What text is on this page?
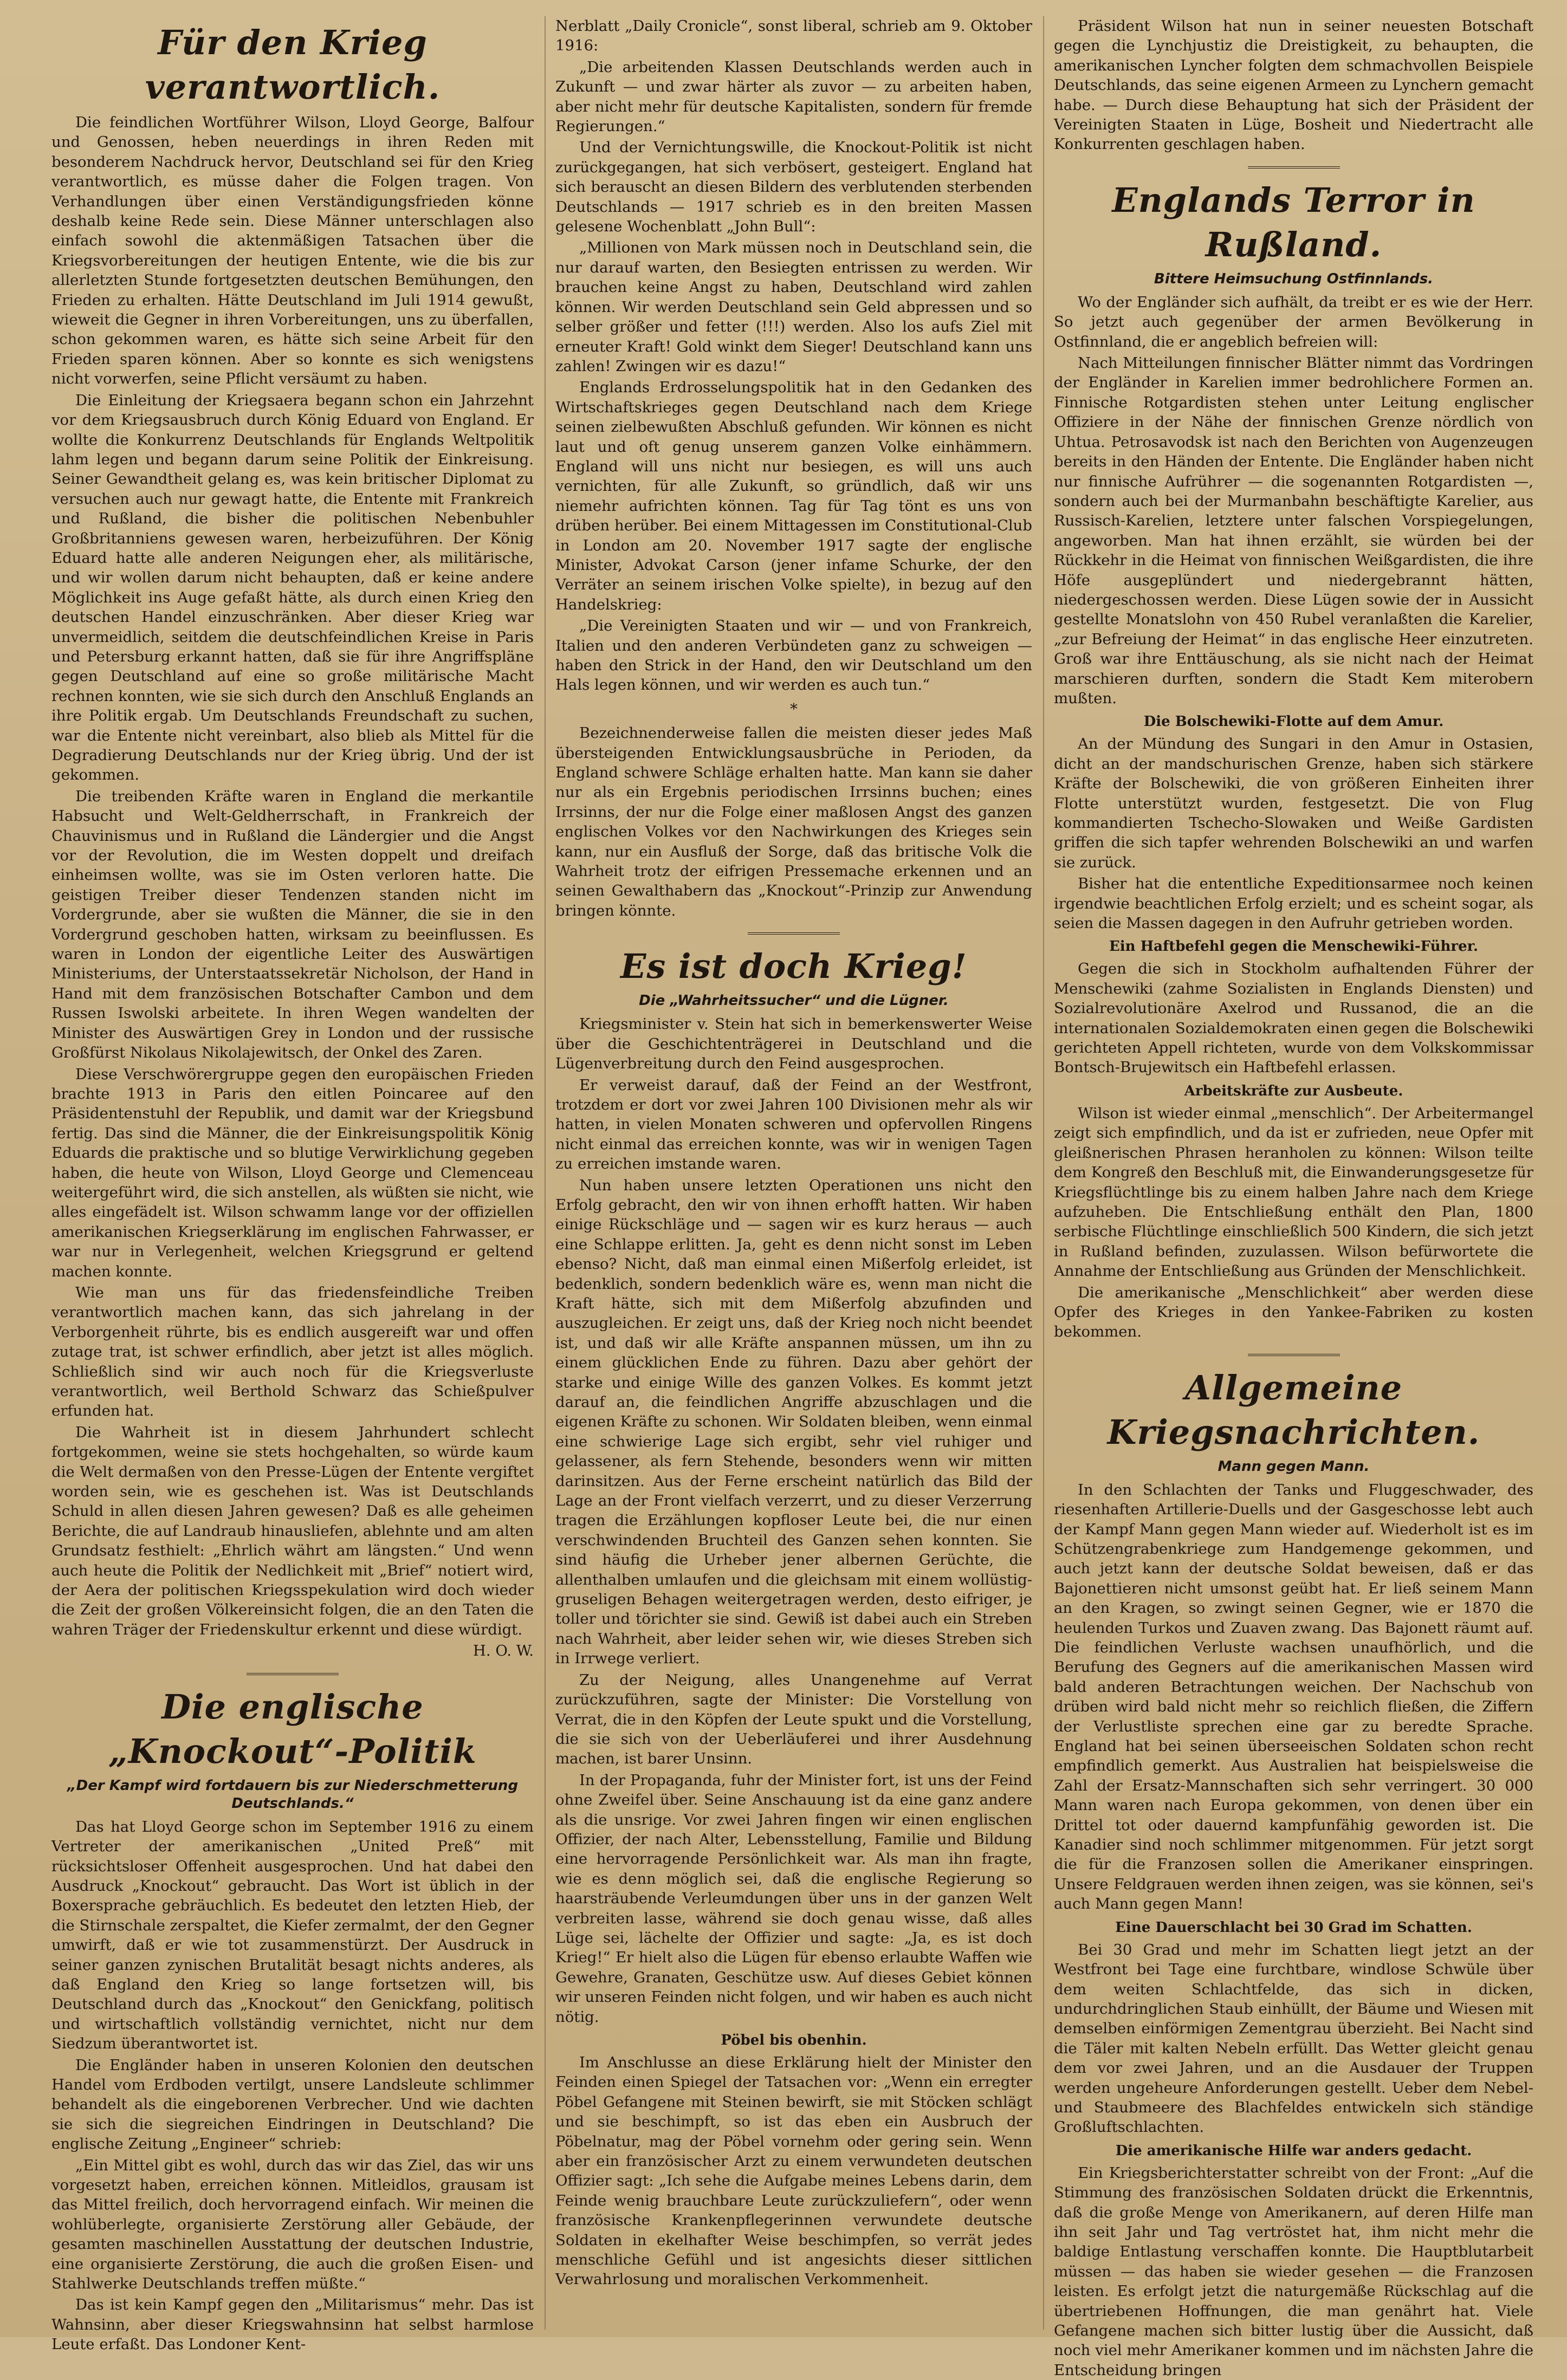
Für den Krieg verantwortlich.

Die feindlichen Wortführer Wilson, Lloyd George, Balfour und Genossen, heben neuerdings in ihren Reden mit besonderem Nachdruck hervor, Deutschland sei für den Krieg verantwortlich, es müsse daher die Folgen tragen. Von Verhandlungen über einen Verständigungsfrieden könne deshalb keine Rede sein. Diese Männer unterschlagen also einfach sowohl die aktenmäßigen Tatsachen über die Kriegsvorbereitungen der heutigen Entente, wie die bis zur allerletzten Stunde fortgesetzten deutschen Bemühungen, den Frieden zu erhalten. Hätte Deutschland im Juli 1914 gewußt, wieweit die Gegner in ihren Vorbereitungen, uns zu überfallen, schon gekommen waren, es hätte sich seine Arbeit für den Frieden sparen können. Aber so konnte es sich wenigstens nicht vorwerfen, seine Pflicht versäumt zu haben.

Die Einleitung der Kriegsaera begann schon ein Jahrzehnt vor dem Kriegsausbruch durch König Eduard von England. Er wollte die Konkurrenz Deutschlands für Englands Weltpolitik lahm legen und begann darum seine Politik der Einkreisung. Seiner Gewandtheit gelang es, was kein britischer Diplomat zu versuchen auch nur gewagt hatte, die Entente mit Frankreich und Rußland, die bisher die politischen Nebenbuhler Großbritanniens gewesen waren, herbeizuführen. Der König Eduard hatte alle anderen Neigungen eher, als militärische, und wir wollen darum nicht behaupten, daß er keine andere Möglichkeit ins Auge gefaßt hätte, als durch einen Krieg den deutschen Handel einzuschränken. Aber dieser Krieg war unvermeidlich, seitdem die deutschfeindlichen Kreise in Paris und Petersburg erkannt hatten, daß sie für ihre Angriffspläne gegen Deutschland auf eine so große militärische Macht rechnen konnten, wie sie sich durch den Anschluß Englands an ihre Politik ergab. Um Deutschlands Freundschaft zu suchen, war die Entente nicht vereinbart, also blieb als Mittel für die Degradierung Deutschlands nur der Krieg übrig. Und der ist gekommen.

Die treibenden Kräfte waren in England die merkantile Habsucht und Welt-Geldherrschaft, in Frankreich der Chauvinismus und in Rußland die Ländergier und die Angst vor der Revolution, die im Westen doppelt und dreifach einheimsen wollte, was sie im Osten verloren hatte. Die geistigen Treiber dieser Tendenzen standen nicht im Vordergrunde, aber sie wußten die Männer, die sie in den Vordergrund geschoben hatten, wirksam zu beeinflussen. Es waren in London der eigentliche Leiter des Auswärtigen Ministeriums, der Unterstaatssekretär Nicholson, der Hand in Hand mit dem französischen Botschafter Cambon und dem Russen Iswolski arbeitete. In ihren Wegen wandelten der Minister des Auswärtigen Grey in London und der russische Großfürst Nikolaus Nikolajewitsch, der Onkel des Zaren.

Diese Verschwörergruppe gegen den europäischen Frieden brachte 1913 in Paris den eitlen Poincaree auf den Präsidentenstuhl der Republik, und damit war der Kriegsbund fertig. Das sind die Männer, die der Einkreisungspolitik König Eduards die praktische und so blutige Verwirklichung gegeben haben, die heute von Wilson, Lloyd George und Clemenceau weitergeführt wird, die sich anstellen, als wüßten sie nicht, wie alles eingefädelt ist. Wilson schwamm lange vor der offiziellen amerikanischen Kriegserklärung im englischen Fahrwasser, er war nur in Verlegenheit, welchen Kriegsgrund er geltend machen konnte.

Wie man uns für das friedensfeindliche Treiben verantwortlich machen kann, das sich jahrelang in der Verborgenheit rührte, bis es endlich ausgereift war und offen zutage trat, ist schwer erfindlich, aber jetzt ist alles möglich. Schließlich sind wir auch noch für die Kriegsverluste verantwortlich, weil Berthold Schwarz das Schießpulver erfunden hat.

Die Wahrheit ist in diesem Jahrhundert schlecht fortgekommen, weine sie stets hochgehalten, so würde kaum die Welt dermaßen von den Presse-Lügen der Entente vergiftet worden sein, wie es geschehen ist. Was ist Deutschlands Schuld in allen diesen Jahren gewesen? Daß es alle geheimen Berichte, die auf Landraub hinausliefen, ablehnte und am alten Grundsatz festhielt: „Ehrlich währt am längsten.“ Und wenn auch heute die Politik der Nedlichkeit mit „Brief“ notiert wird, der Aera der politischen Kriegsspekulation wird doch wieder die Zeit der großen Völkereinsicht folgen, die an den Taten die wahren Träger der Friedenskultur erkennt und diese würdigt.

H. O. W.

Die englische „Knockout“-Politik
„Der Kampf wird fortdauern bis zur Niederschmetterung Deutschlands.“

Das hat Lloyd George schon im September 1916 zu einem Vertreter der amerikanischen „United Preß“ mit rücksichtsloser Offenheit ausgesprochen. Und hat dabei den Ausdruck „Knockout“ gebraucht. Das Wort ist üblich in der Boxersprache gebräuchlich. Es bedeutet den letzten Hieb, der die Stirnschale zerspaltet, die Kiefer zermalmt, der den Gegner umwirft, daß er wie tot zusammenstürzt. Der Ausdruck in seiner ganzen zynischen Brutalität besagt nichts anderes, als daß England den Krieg so lange fortsetzen will, bis Deutschland durch das „Knockout“ den Genickfang, politisch und wirtschaftlich vollständig vernichtet, nicht nur dem Siedzum überantwortet ist.

Die Engländer haben in unseren Kolonien den deutschen Handel vom Erdboden vertilgt, unsere Landsleute schlimmer behandelt als die eingeborenen Verbrecher. Und wie dachten sie sich die siegreichen Eindringen in Deutschland? Die englische Zeitung „Engineer“ schrieb:

„Ein Mittel gibt es wohl, durch das wir das Ziel, das wir uns vorgesetzt haben, erreichen können. Mitleidlos, grausam ist das Mittel freilich, doch hervorragend einfach. Wir meinen die wohlüberlegte, organisierte Zerstörung aller Gebäude, der gesamten maschinellen Ausstattung der deutschen Industrie, eine organisierte Zerstörung, die auch die großen Eisen- und Stahlwerke Deutschlands treffen müßte.“

Das ist kein Kampf gegen den „Militarismus“ mehr. Das ist Wahnsinn, aber dieser Kriegswahnsinn hat selbst harmlose Leute erfaßt. Das Londoner Kent-

Nerblatt „Daily Cronicle“, sonst liberal, schrieb am 9. Oktober 1916:

„Die arbeitenden Klassen Deutschlands werden auch in Zukunft — und zwar härter als zuvor — zu arbeiten haben, aber nicht mehr für deutsche Kapitalisten, sondern für fremde Regierungen.“

Und der Vernichtungswille, die Knockout-Politik ist nicht zurückgegangen, hat sich verbösert, gesteigert. England hat sich berauscht an diesen Bildern des verblutenden sterbenden Deutschlands — 1917 schrieb es in den breiten Massen gelesene Wochenblatt „John Bull“:

„Millionen von Mark müssen noch in Deutschland sein, die nur darauf warten, den Besiegten entrissen zu werden. Wir brauchen keine Angst zu haben, Deutschland wird zahlen können. Wir werden Deutschland sein Geld abpressen und so selber größer und fetter (!!!) werden. Also los aufs Ziel mit erneuter Kraft! Gold winkt dem Sieger! Deutschland kann uns zahlen! Zwingen wir es dazu!“

Englands Erdrosselungspolitik hat in den Gedanken des Wirtschaftskrieges gegen Deutschland nach dem Kriege seinen zielbewußten Abschluß gefunden. Wir können es nicht laut und oft genug unserem ganzen Volke einhämmern. England will uns nicht nur besiegen, es will uns auch vernichten, für alle Zukunft, so gründlich, daß wir uns niemehr aufrichten können. Tag für Tag tönt es uns von drüben herüber. Bei einem Mittagessen im Constitutional-Club in London am 20. November 1917 sagte der englische Minister, Advokat Carson (jener infame Schurke, der den Verräter an seinem irischen Volke spielte), in bezug auf den Handelskrieg:

„Die Vereinigten Staaten und wir — und von Frankreich, Italien und den anderen Verbündeten ganz zu schweigen — haben den Strick in der Hand, den wir Deutschland um den Hals legen können, und wir werden es auch tun.“

*

Bezeichnenderweise fallen die meisten dieser jedes Maß übersteigenden Entwicklungsausbrüche in Perioden, da England schwere Schläge erhalten hatte. Man kann sie daher nur als ein Ergebnis periodischen Irrsinns buchen; eines Irrsinns, der nur die Folge einer maßlosen Angst des ganzen englischen Volkes vor den Nachwirkungen des Krieges sein kann, nur ein Ausfluß der Sorge, daß das britische Volk die Wahrheit trotz der eifrigen Pressemache erkennen und an seinen Gewalthabern das „Knockout“-Prinzip zur Anwendung bringen könnte.

Es ist doch Krieg!
Die „Wahrheitssucher“ und die Lügner.

Kriegsminister v. Stein hat sich in bemerkenswerter Weise über die Geschichtenträgerei in Deutschland und die Lügenverbreitung durch den Feind ausgesprochen.

Er verweist darauf, daß der Feind an der Westfront, trotzdem er dort vor zwei Jahren 100 Divisionen mehr als wir hatten, in vielen Monaten schweren und opfervollen Ringens nicht einmal das erreichen konnte, was wir in wenigen Tagen zu erreichen imstande waren.

Nun haben unsere letzten Operationen uns nicht den Erfolg gebracht, den wir von ihnen erhofft hatten. Wir haben einige Rückschläge und — sagen wir es kurz heraus — auch eine Schlappe erlitten. Ja, geht es denn nicht sonst im Leben ebenso? Nicht, daß man einmal einen Mißerfolg erleidet, ist bedenklich, sondern bedenklich wäre es, wenn man nicht die Kraft hätte, sich mit dem Mißerfolg abzufinden und auszugleichen. Er zeigt uns, daß der Krieg noch nicht beendet ist, und daß wir alle Kräfte anspannen müssen, um ihn zu einem glücklichen Ende zu führen. Dazu aber gehört der starke und einige Wille des ganzen Volkes. Es kommt jetzt darauf an, die feindlichen Angriffe abzuschlagen und die eigenen Kräfte zu schonen. Wir Soldaten bleiben, wenn einmal eine schwierige Lage sich ergibt, sehr viel ruhiger und gelassener, als fern Stehende, besonders wenn wir mitten darinsitzen. Aus der Ferne erscheint natürlich das Bild der Lage an der Front vielfach verzerrt, und zu dieser Verzerrung tragen die Erzählungen kopfloser Leute bei, die nur einen verschwindenden Bruchteil des Ganzen sehen konnten. Sie sind häufig die Urheber jener albernen Gerüchte, die allenthalben umlaufen und die gleichsam mit einem wollüstig-gruseligen Behagen weitergetragen werden, desto eifriger, je toller und törichter sie sind. Gewiß ist dabei auch ein Streben nach Wahrheit, aber leider sehen wir, wie dieses Streben sich in Irrwege verliert.

Zu der Neigung, alles Unangenehme auf Verrat zurückzuführen, sagte der Minister: Die Vorstellung von Verrat, die in den Köpfen der Leute spukt und die Vorstellung, die sie sich von der Ueberläuferei und ihrer Ausdehnung machen, ist barer Unsinn.

In der Propaganda, fuhr der Minister fort, ist uns der Feind ohne Zweifel über. Seine Anschauung ist da eine ganz andere als die unsrige. Vor zwei Jahren fingen wir einen englischen Offizier, der nach Alter, Lebensstellung, Familie und Bildung eine hervorragende Persönlichkeit war. Als man ihn fragte, wie es denn möglich sei, daß die englische Regierung so haarsträubende Verleumdungen über uns in der ganzen Welt verbreiten lasse, während sie doch genau wisse, daß alles Lüge sei, lächelte der Offizier und sagte: „Ja, es ist doch Krieg!“ Er hielt also die Lügen für ebenso erlaubte Waffen wie Gewehre, Granaten, Geschütze usw. Auf dieses Gebiet können wir unseren Feinden nicht folgen, und wir haben es auch nicht nötig.

Pöbel bis obenhin.

Im Anschlusse an diese Erklärung hielt der Minister den Feinden einen Spiegel der Tatsachen vor: „Wenn ein erregter Pöbel Gefangene mit Steinen bewirft, sie mit Stöcken schlägt und sie beschimpft, so ist das eben ein Ausbruch der Pöbelnatur, mag der Pöbel vornehm oder gering sein. Wenn aber ein französischer Arzt zu einem verwundeten deutschen Offizier sagt: „Ich sehe die Aufgabe meines Lebens darin, dem Feinde wenig brauchbare Leute zurückzuliefern“, oder wenn französische Krankenpflegerinnen verwundete deutsche Soldaten in ekelhafter Weise beschimpfen, so verrät jedes menschliche Gefühl und ist angesichts dieser sittlichen Verwahrlosung und moralischen Verkommenheit.

Präsident Wilson hat nun in seiner neuesten Botschaft gegen die Lynchjustiz die Dreistigkeit, zu behaupten, die amerikanischen Lyncher folgten dem schmachvollen Beispiele Deutschlands, das seine eigenen Armeen zu Lynchern gemacht habe. — Durch diese Behauptung hat sich der Präsident der Vereinigten Staaten in Lüge, Bosheit und Niedertracht alle Konkurrenten geschlagen haben.

Englands Terror in Rußland.
Bittere Heimsuchung Ostfinnlands.

Wo der Engländer sich aufhält, da treibt er es wie der Herr. So jetzt auch gegenüber der armen Bevölkerung in Ostfinnland, die er angeblich befreien will:

Nach Mitteilungen finnischer Blätter nimmt das Vordringen der Engländer in Karelien immer bedrohlichere Formen an. Finnische Rotgardisten stehen unter Leitung englischer Offiziere in der Nähe der finnischen Grenze nördlich von Uhtua. Petrosavodsk ist nach den Berichten von Augenzeugen bereits in den Händen der Entente. Die Engländer haben nicht nur finnische Aufrührer — die sogenannten Rotgardisten —, sondern auch bei der Murmanbahn beschäftigte Karelier, aus Russisch-Karelien, letztere unter falschen Vorspiegelungen, angeworben. Man hat ihnen erzählt, sie würden bei der Rückkehr in die Heimat von finnischen Weißgardisten, die ihre Höfe ausgeplündert und niedergebrannt hätten, niedergeschossen werden. Diese Lügen sowie der in Aussicht gestellte Monatslohn von 450 Rubel veranlaßten die Karelier, „zur Befreiung der Heimat“ in das englische Heer einzutreten. Groß war ihre Enttäuschung, als sie nicht nach der Heimat marschieren durften, sondern die Stadt Kem miterobern mußten.

Die Bolschewiki-Flotte auf dem Amur.

An der Mündung des Sungari in den Amur in Ostasien, dicht an der mandschurischen Grenze, haben sich stärkere Kräfte der Bolschewiki, die von größeren Einheiten ihrer Flotte unterstützt wurden, festgesetzt. Die von Flug kommandierten Tschecho-Slowaken und Weiße Gardisten griffen die sich tapfer wehrenden Bolschewiki an und warfen sie zurück.

Bisher hat die ententliche Expeditionsarmee noch keinen irgendwie beachtlichen Erfolg erzielt; und es scheint sogar, als seien die Massen dagegen in den Aufruhr getrieben worden.

Ein Haftbefehl gegen die Menschewiki-Führer.

Gegen die sich in Stockholm aufhaltenden Führer der Menschewiki (zahme Sozialisten in Englands Diensten) und Sozialrevolutionäre Axelrod und Russanod, die an die internationalen Sozialdemokraten einen gegen die Bolschewiki gerichteten Appell richteten, wurde von dem Volkskommissar Bontsch-Brujewitsch ein Haftbefehl erlassen.

Arbeitskräfte zur Ausbeute.

Wilson ist wieder einmal „menschlich“. Der Arbeitermangel zeigt sich empfindlich, und da ist er zufrieden, neue Opfer mit gleißnerischen Phrasen heranholen zu können: Wilson teilte dem Kongreß den Beschluß mit, die Einwanderungsgesetze für Kriegsflüchtlinge bis zu einem halben Jahre nach dem Kriege aufzuheben. Die Entschließung enthält den Plan, 1800 serbische Flüchtlinge einschließlich 500 Kindern, die sich jetzt in Rußland befinden, zuzulassen. Wilson befürwortete die Annahme der Entschließung aus Gründen der Menschlichkeit.

Die amerikanische „Menschlichkeit“ aber werden diese Opfer des Krieges in den Yankee-Fabriken zu kosten bekommen.

Allgemeine Kriegsnachrichten.
Mann gegen Mann.

In den Schlachten der Tanks und Fluggeschwader, des riesenhaften Artillerie-Duells und der Gasgeschosse lebt auch der Kampf Mann gegen Mann wieder auf. Wiederholt ist es im Schützengrabenkriege zum Handgemenge gekommen, und auch jetzt kann der deutsche Soldat beweisen, daß er das Bajonettieren nicht umsonst geübt hat. Er ließ seinem Mann an den Kragen, so zwingt seinen Gegner, wie er 1870 die heulenden Turkos und Zuaven zwang. Das Bajonett räumt auf. Die feindlichen Verluste wachsen unaufhörlich, und die Berufung des Gegners auf die amerikanischen Massen wird bald anderen Betrachtungen weichen. Der Nachschub von drüben wird bald nicht mehr so reichlich fließen, die Ziffern der Verlustliste sprechen eine gar zu beredte Sprache. England hat bei seinen überseeischen Soldaten schon recht empfindlich gemerkt. Aus Australien hat beispielsweise die Zahl der Ersatz-Mannschaften sich sehr verringert. 30 000 Mann waren nach Europa gekommen, von denen über ein Drittel tot oder dauernd kampfunfähig geworden ist. Die Kanadier sind noch schlimmer mitgenommen. Für jetzt sorgt die für die Franzosen sollen die Amerikaner einspringen. Unsere Feldgrauen werden ihnen zeigen, was sie können, sei's auch Mann gegen Mann!

Eine Dauerschlacht bei 30 Grad im Schatten.

Bei 30 Grad und mehr im Schatten liegt jetzt an der Westfront bei Tage eine furchtbare, windlose Schwüle über dem weiten Schlachtfelde, das sich in dicken, undurchdringlichen Staub einhüllt, der Bäume und Wiesen mit demselben einförmigen Zementgrau überzieht. Bei Nacht sind die Täler mit kalten Nebeln erfüllt. Das Wetter gleicht genau dem vor zwei Jahren, und an die Ausdauer der Truppen werden ungeheure Anforderungen gestellt. Ueber dem Nebel- und Staubmeere des Blachfeldes entwickeln sich ständige Großluftschlachten.

Die amerikanische Hilfe war anders gedacht.

Ein Kriegsberichterstatter schreibt von der Front: „Auf die Stimmung des französischen Soldaten drückt die Erkenntnis, daß die große Menge von Amerikanern, auf deren Hilfe man ihn seit Jahr und Tag vertröstet hat, ihm nicht mehr die baldige Entlastung verschaffen konnte. Die Hauptblutarbeit müssen — das haben sie wieder gesehen — die Franzosen leisten. Es erfolgt jetzt die naturgemäße Rückschlag auf die übertriebenen Hoffnungen, die man genährt hat. Viele Gefangene machen sich bitter lustig über die Aussicht, daß noch viel mehr Amerikaner kommen und im nächsten Jahre die Entscheidung bringen
